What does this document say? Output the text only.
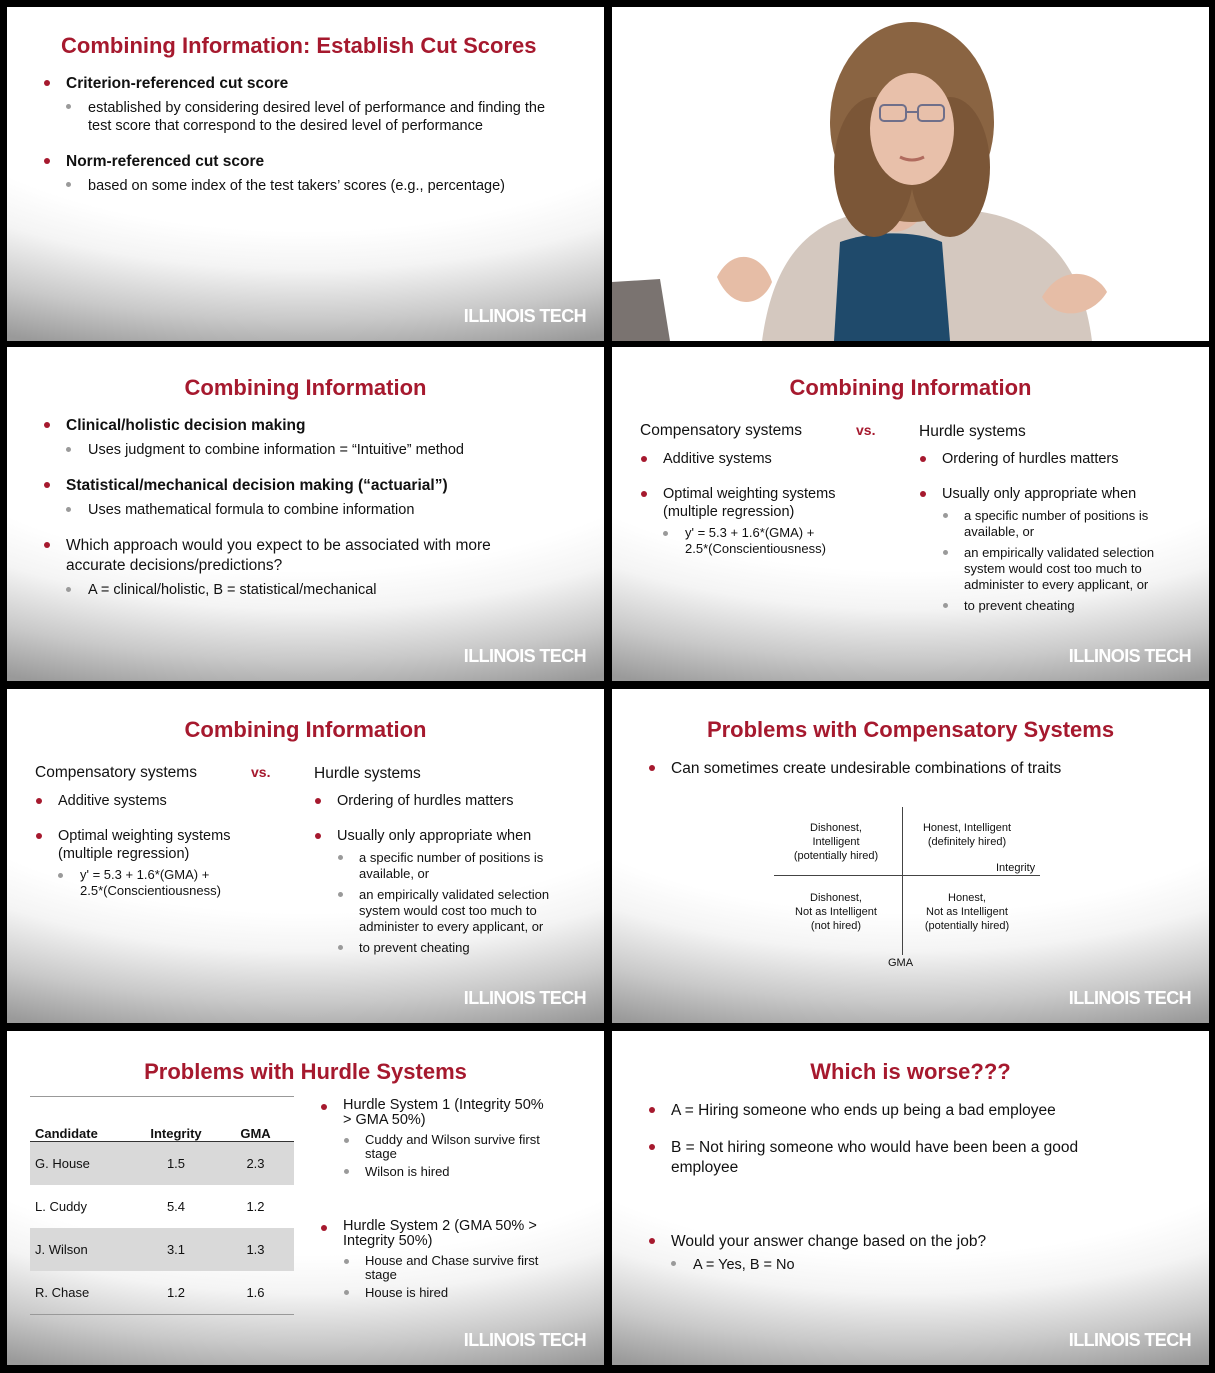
Combining Information: Establish Cut Scores
Criterion-referenced cut score
established by considering desired level of performance and finding the
test score that correspond to the desired level of performance
Norm-referenced cut score
based on some index of the test takers’ scores (e.g., percentage)
ILLINOIS TECH
Combining Information
Clinical/holistic decision making
Uses judgment to combine information = “Intuitive” method
Statistical/mechanical decision making (“actuarial”)
Uses mathematical formula to combine information
Which approach would you expect to be associated with more
accurate decisions/predictions?
A = clinical/holistic, B = statistical/mechanical
ILLINOIS TECH
Combining Information
Compensatory systems	vs.	Hurdle systems
Additive systems
Optimal weighting systems
(multiple regression)
y' = 5.3 + 1.6*(GMA) +
2.5*(Conscientiousness)
Ordering of hurdles matters
Usually only appropriate when
a specific number of positions is
available, or
an empirically validated selection
system would cost too much to
administer to every applicant, or
to prevent cheating
ILLINOIS TECH
Combining Information
Compensatory systems	vs.	Hurdle systems
Additive systems
Optimal weighting systems
(multiple regression)
y' = 5.3 + 1.6*(GMA) +
2.5*(Conscientiousness)
Ordering of hurdles matters
Usually only appropriate when
a specific number of positions is
available, or
an empirically validated selection
system would cost too much to
administer to every applicant, or
to prevent cheating
ILLINOIS TECH
Problems with Compensatory Systems
Can sometimes create undesirable combinations of traits
Dishonest,
Intelligent
(potentially hired)
Honest, Intelligent
(definitely hired)
Dishonest,
Not as Intelligent
(not hired)
Honest,
Not as Intelligent
(potentially hired)
Integrity
GMA
ILLINOIS TECH
Problems with Hurdle Systems
Candidate	Integrity	GMA
G. House	1.5	2.3
L. Cuddy	5.4	1.2
J. Wilson	3.1	1.3
R. Chase	1.2	1.6
Hurdle System 1 (Integrity 50%
> GMA 50%)
Cuddy and Wilson survive first
stage
Wilson is hired
Hurdle System 2 (GMA 50% >
Integrity 50%)
House and Chase survive first
stage
House is hired
ILLINOIS TECH
Which is worse???
A = Hiring someone who ends up being a bad employee
B = Not hiring someone who would have been been a good
employee
Would your answer change based on the job?
A = Yes, B = No
ILLINOIS TECH
